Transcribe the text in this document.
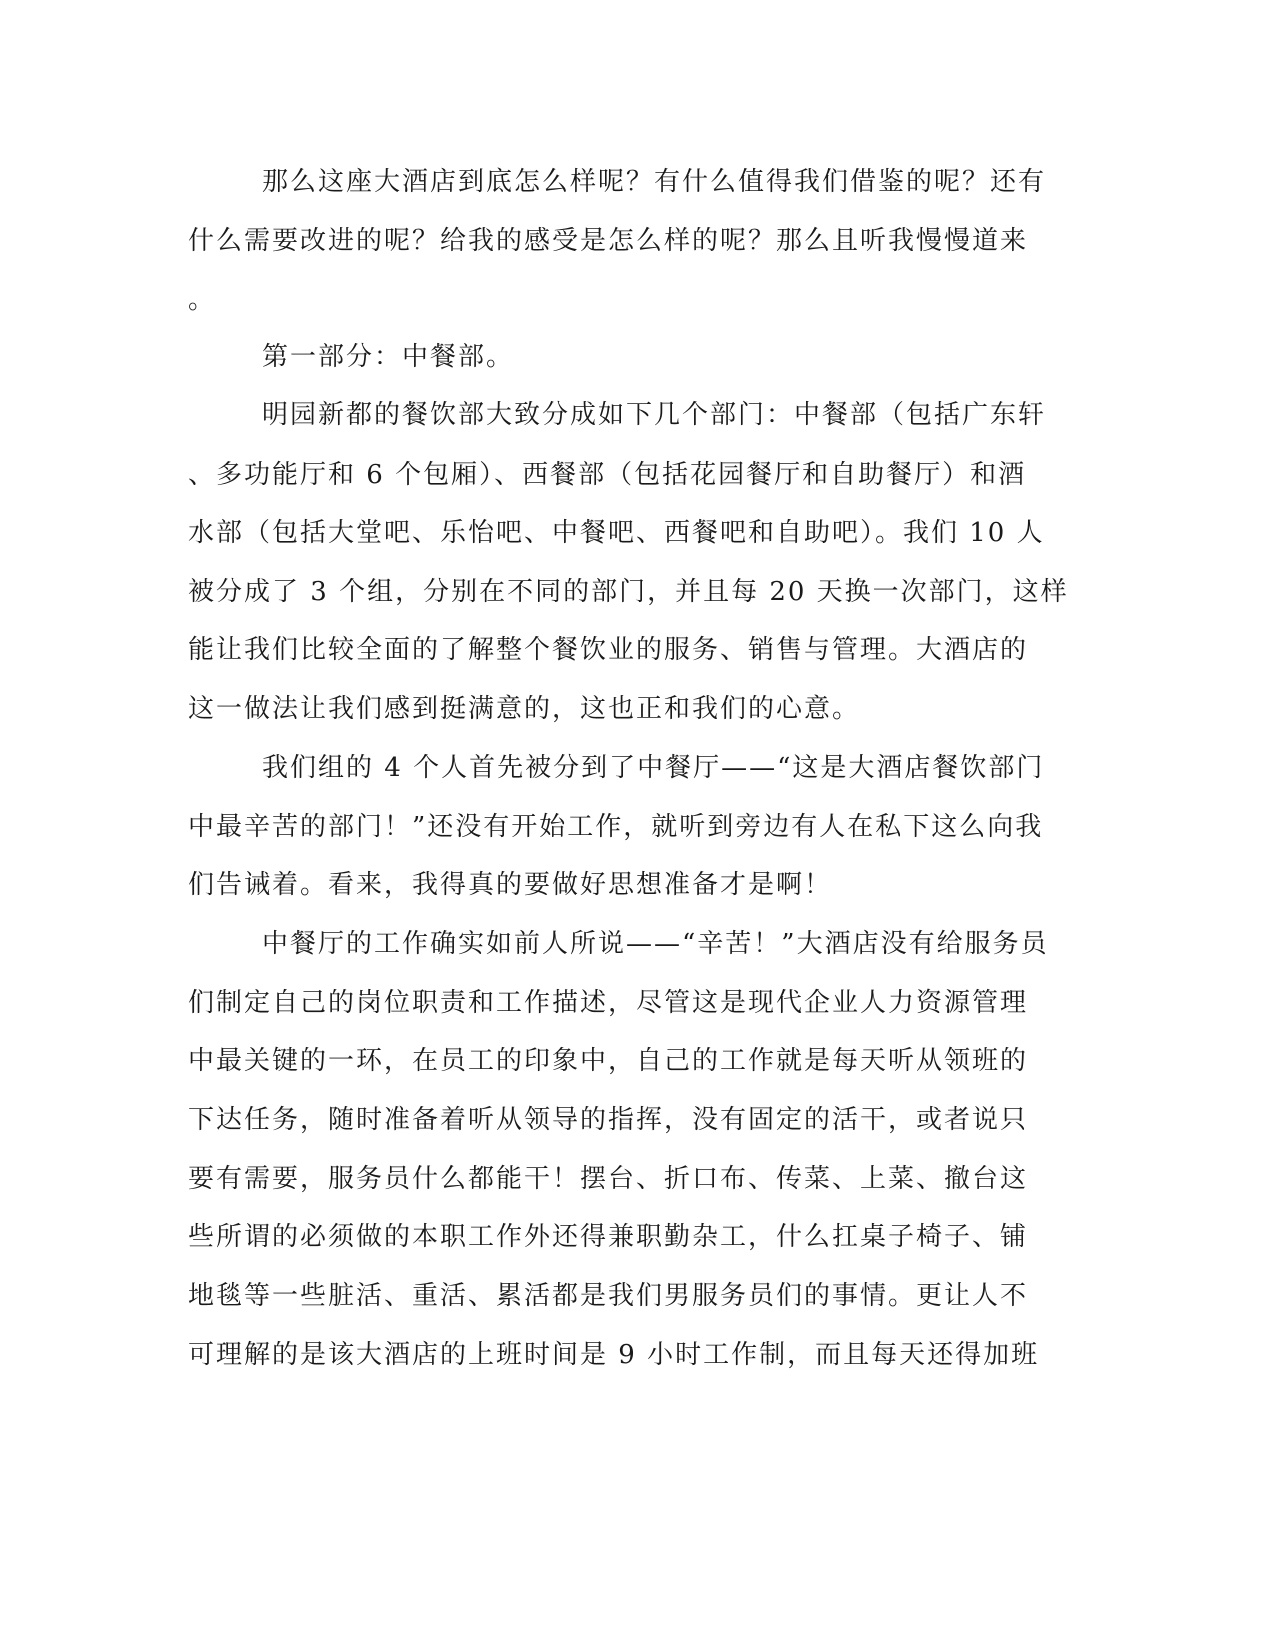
那么这座大酒店到底怎么样呢？有什么值得我们借鉴的呢？还有
什么需要改进的呢？给我的感受是怎么样的呢？那么且听我慢慢道来
。
第一部分：中餐部。
明园新都的餐饮部大致分成如下几个部门：中餐部（包括广东轩
、多功能厅和 6 个包厢）、西餐部（包括花园餐厅和自助餐厅）和酒
水部（包括大堂吧、乐怡吧、中餐吧、西餐吧和自助吧）。我们 10 人
被分成了 3 个组，分别在不同的部门，并且每 20 天换一次部门，这样
能让我们比较全面的了解整个餐饮业的服务、销售与管理。大酒店的
这一做法让我们感到挺满意的，这也正和我们的心意。
我们组的 4 个人首先被分到了中餐厅——“这是大酒店餐饮部门
中最辛苦的部门！”还没有开始工作，就听到旁边有人在私下这么向我
们告诫着。看来，我得真的要做好思想准备才是啊！
中餐厅的工作确实如前人所说——“辛苦！”大酒店没有给服务员
们制定自己的岗位职责和工作描述，尽管这是现代企业人力资源管理
中最关键的一环，在员工的印象中，自己的工作就是每天听从领班的
下达任务，随时准备着听从领导的指挥，没有固定的活干，或者说只
要有需要，服务员什么都能干！摆台、折口布、传菜、上菜、撤台这
些所谓的必须做的本职工作外还得兼职勤杂工，什么扛桌子椅子、铺
地毯等一些脏活、重活、累活都是我们男服务员们的事情。更让人不
可理解的是该大酒店的上班时间是 9 小时工作制，而且每天还得加班
